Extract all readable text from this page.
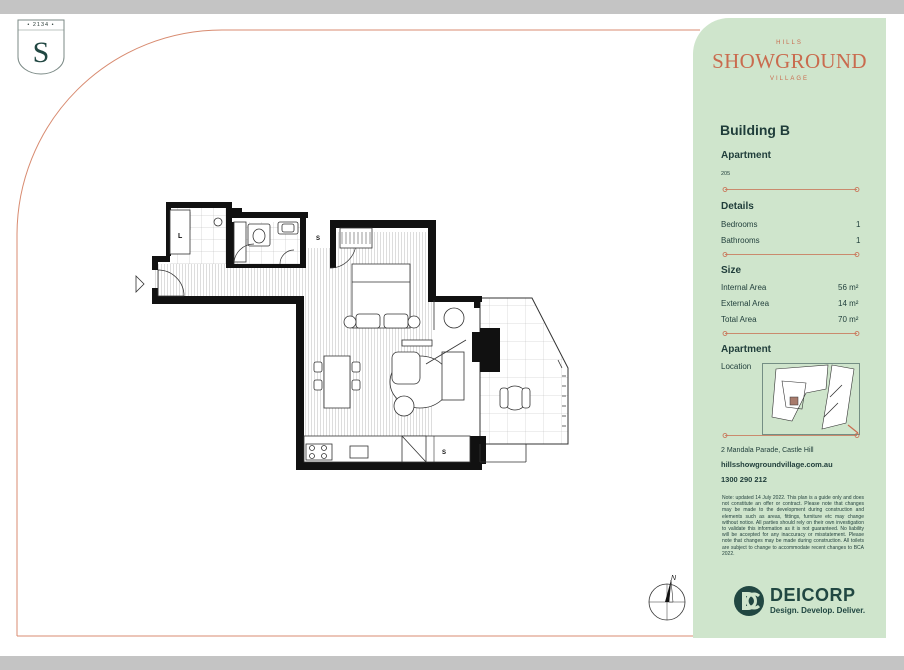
• 2134 •
S
L	S
S
N
HILLS
SHOWGROUND
VILLAGE
Building B
Apartment
205
Details
Bedrooms	1
Bathrooms	1
Size
Internal Area	56 m²
External Area	14 m²
Total Area	70 m²
Apartment
Location
2 Mandala Parade, Castle Hill
hillsshowgroundvillage.com.au
1300 290 212
Note: updated 14 July 2022. This plan is a guide only and does not constitute an offer or contract. Please note that changes may be made to the development during construction and elements such as areas, fittings, furniture etc may change without notice. All parties should rely on their own investigation to validate this information as it is not guaranteed. No liability will be accepted for any inaccuracy or misstatement. Please note that changes may be made during construction. All toilets are subject to change to accommodate recent changes to BCA 2022.
DEICORP
Design. Develop. Deliver.
